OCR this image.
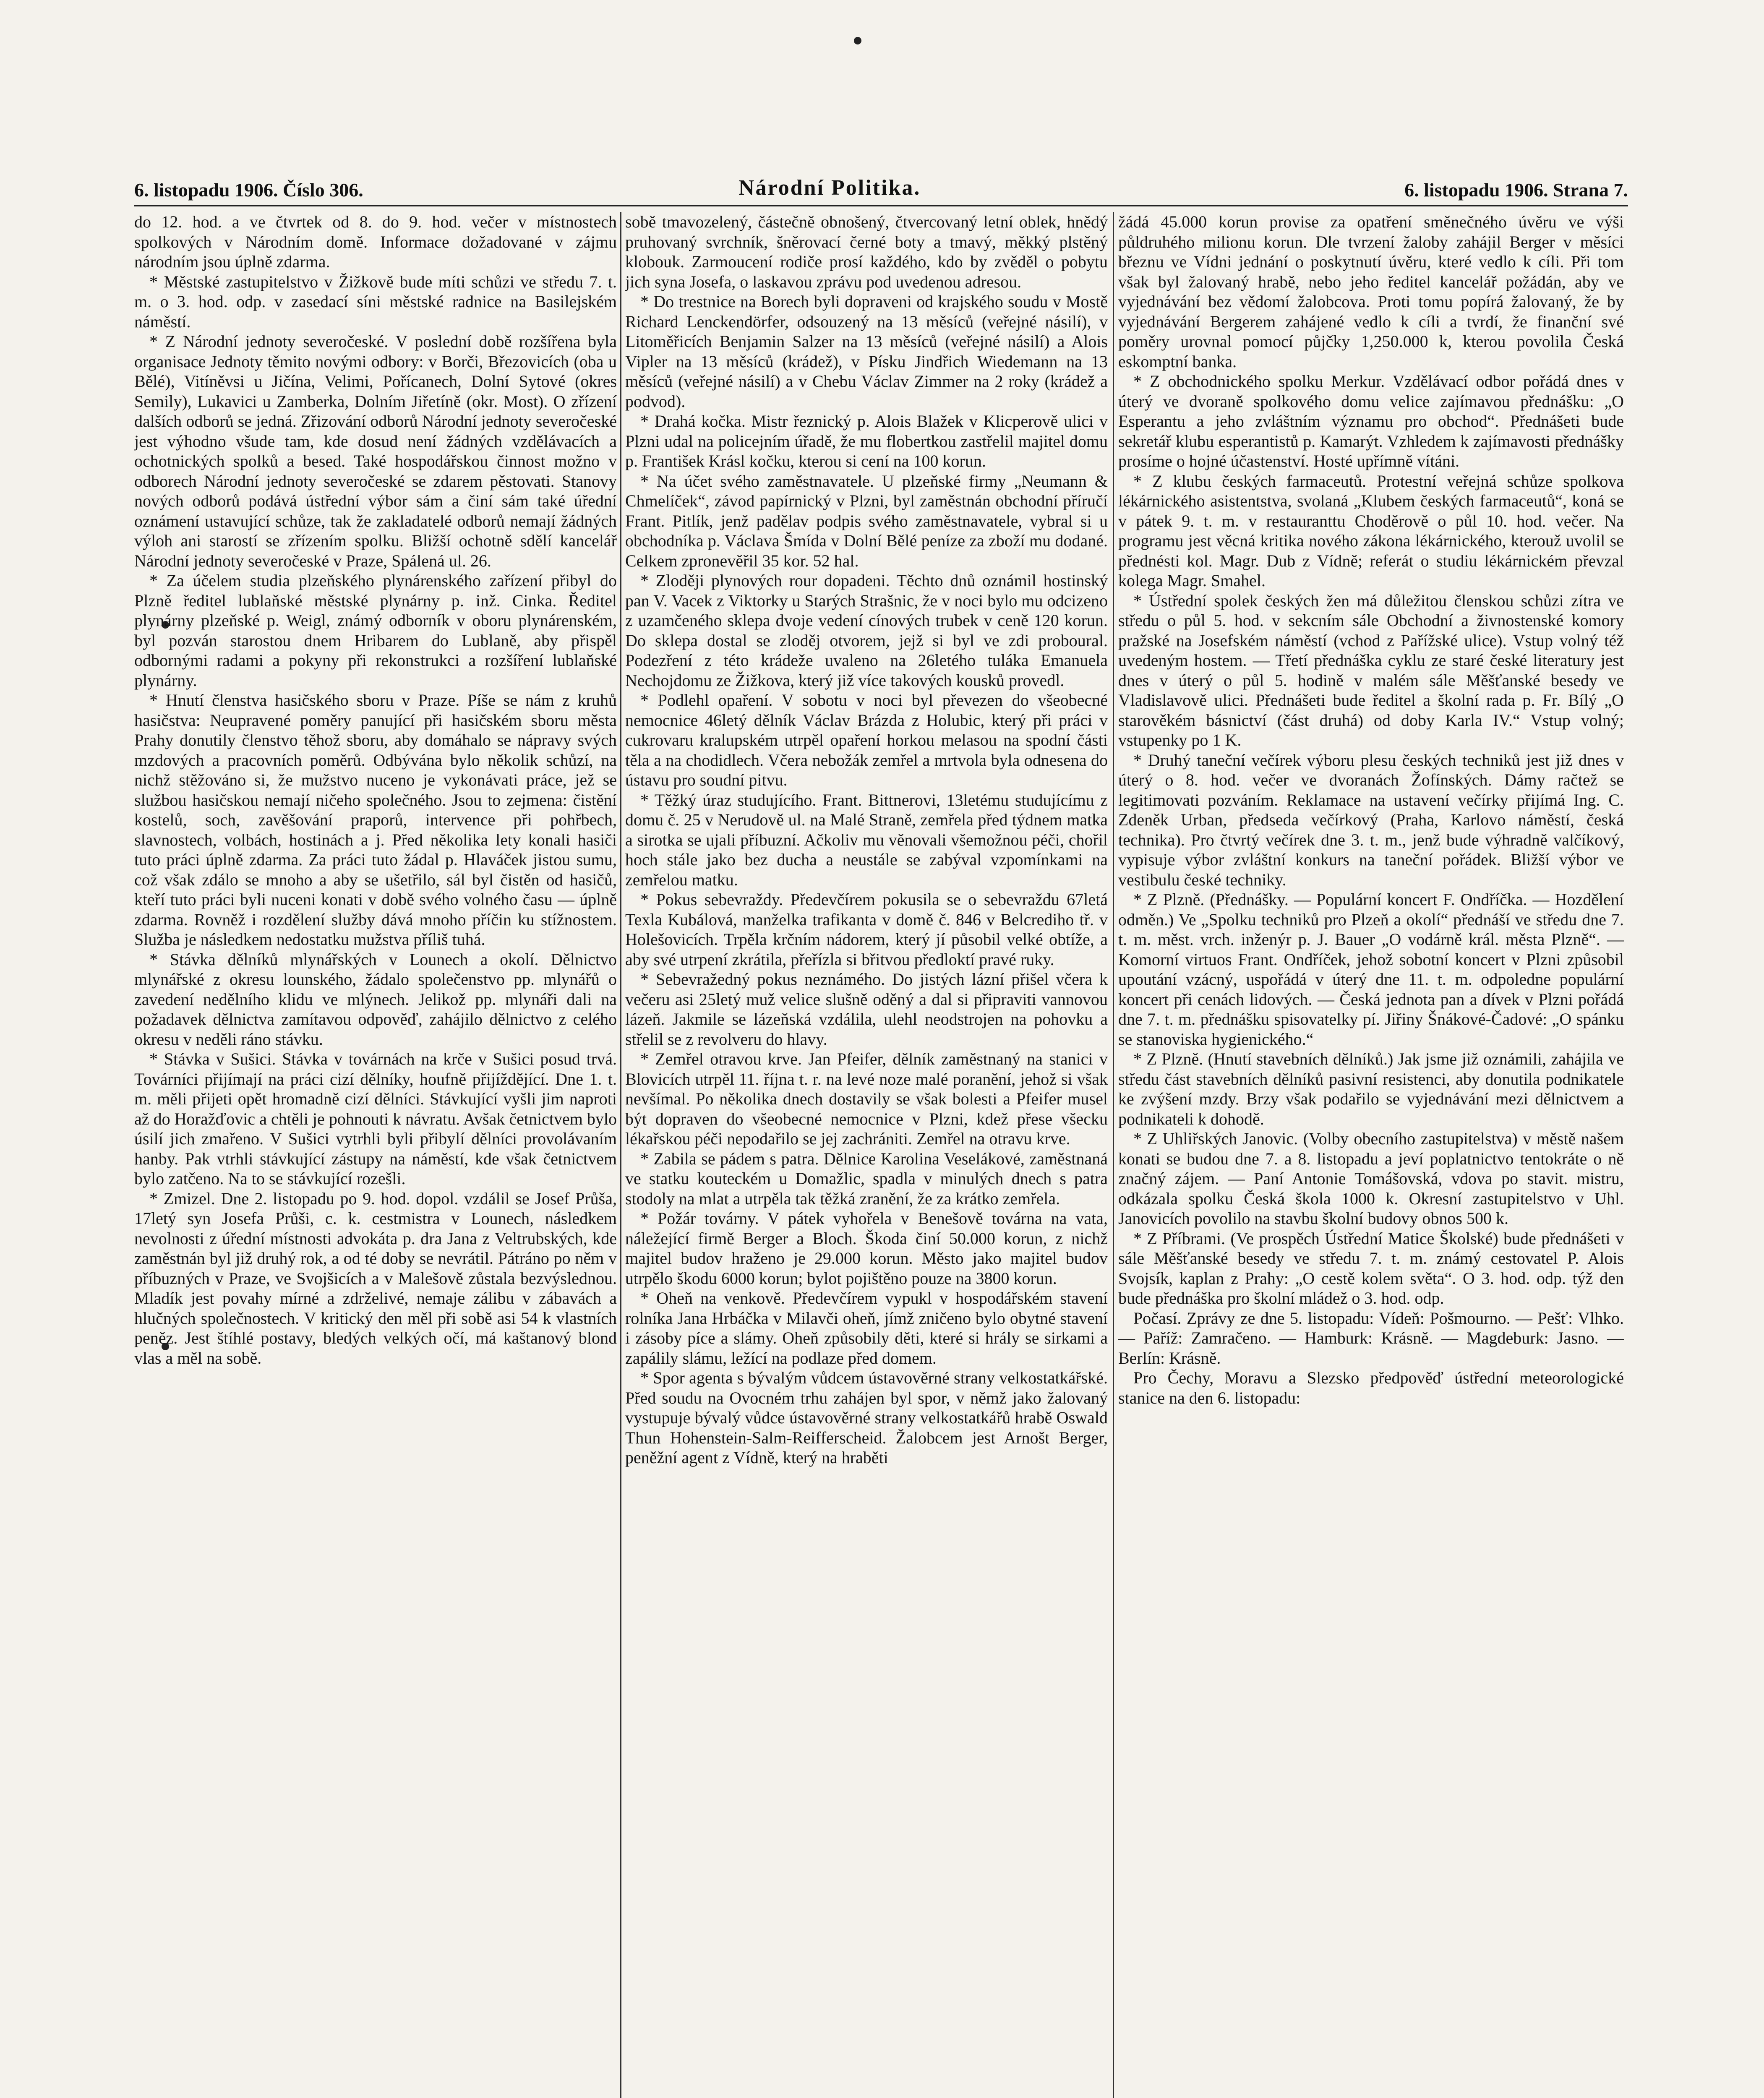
6. listopadu 1906. Číslo 306.	Národní Politika.	6. listopadu 1906. Strana 7.

do 12. hod. a ve čtvrtek od 8. do 9. hod. večer v místnostech spolkových v Národním domě. Informace dožadované v zájmu národním jsou úplně zdarma.

* Městské zastupitelstvo v Žižkově bude míti schůzi ve středu 7. t. m. o 3. hod. odp. v zasedací síni městské radnice na Basilejském náměstí.

* Z Národní jednoty severočeské. V poslední době rozšířena byla organisace Jednoty těmito novými odbory: v Borči, Březovicích (oba u Bělé), Vitíněvsi u Jičína, Velimi, Pořícanech, Dolní Sytové (okres Semily), Lukavici u Zamberka, Dolním Jiřetíně (okr. Most). O zřízení dalších odborů se jedná. Zřizování odborů Národní jednoty severočeské jest výhodno všude tam, kde dosud není žádných vzdělávacích a ochotnických spolků a besed. Také hospodářskou činnost možno v odborech Národní jednoty severočeské se zdarem pěstovati. Stanovy nových odborů podává ústřední výbor sám a činí sám také úřední oznámení ustavující schůze, tak že zakladatelé odborů nemají žádných výloh ani starostí se zřízením spolku. Bližší ochotně sdělí kancelář Národní jednoty severočeské v Praze, Spálená ul. 26.

* Za účelem studia plzeňského plynárenského zařízení přibyl do Plzně ředitel lublaňské městské plynárny p. inž. Cinka. Ředitel plynárny plzeňské p. Weigl, známý odborník v oboru plynárenském, byl pozván starostou dnem Hribarem do Lublaně, aby přispěl odbornými radami a pokyny při rekonstrukci a rozšíření lublaňské plynárny.

* Hnutí členstva hasičského sboru v Praze. Píše se nám z kruhů hasičstva: Neupravené poměry panující při hasičském sboru města Prahy donutily členstvo těhož sboru, aby domáhalo se nápravy svých mzdových a pracovních poměrů. Odbývána bylo několik schůzí, na nichž stěžováno si, že mužstvo nuceno je vykonávati práce, jež se službou hasičskou nemají ničeho společného. Jsou to zejmena: čistění kostelů, soch, zavěšování praporů, intervence při pohřbech, slavnostech, volbách, hostinách a j. Před několika lety konali hasiči tuto práci úplně zdarma. Za práci tuto žádal p. Hlaváček jistou sumu, což však zdálo se mnoho a aby se ušetřilo, sál byl čistěn od hasičů, kteří tuto práci byli nuceni konati v době svého volného času — úplně zdarma. Rovněž i rozdělení služby dává mnoho příčin ku stížnostem. Služba je následkem nedostatku mužstva příliš tuhá.

* Stávka dělníků mlynářských v Lounech a okolí. Dělnictvo mlynářské z okresu lounského, žádalo společenstvo pp. mlynářů o zavedení nedělního klidu ve mlýnech. Jelikož pp. mlynáři dali na požadavek dělnictva zamítavou odpověď, zahájilo dělnictvo z celého okresu v neděli ráno stávku.

* Stávka v Sušici. Stávka v továrnách na krče v Sušici posud trvá. Továrníci přijímají na práci cizí dělníky, houfně přijíždějící. Dne 1. t. m. měli přijeti opět hromadně cizí dělníci. Stávkující vyšli jim naproti až do Horažďovic a chtěli je pohnouti k návratu. Avšak četnictvem bylo úsilí jich zmařeno. V Sušici vytrhli byli přibylí dělníci provolávaním hanby. Pak vtrhli stávkující zástupy na náměstí, kde však četnictvem bylo zatčeno. Na to se stávkující rozešli.

* Zmizel. Dne 2. listopadu po 9. hod. dopol. vzdálil se Josef Průša, 17letý syn Josefa Průši, c. k. cestmistra v Lounech, následkem nevolnosti z úřední místnosti advokáta p. dra Jana z Veltrubských, kde zaměstnán byl již druhý rok, a od té doby se nevrátil. Pátráno po něm v příbuzných v Praze, ve Svojšicích a v Malešově zůstala bezvýslednou. Mladík jest povahy mírné a zdrželivé, nemaje zálibu v zábavách a hlučných společnostech. V kritický den měl při sobě asi 54 k vlastních peněz. Jest štíhlé postavy, bledých velkých očí, má kaštanový blond vlas a měl na sobě.

sobě tmavozelený, částečně obnošený, čtvercovaný letní oblek, hnědý pruhovaný svrchník, šněrovací černé boty a tmavý, měkký plstěný klobouk. Zarmoucení rodiče prosí každého, kdo by zvěděl o pobytu jich syna Josefa, o laskavou zprávu pod uvedenou adresou.

* Do trestnice na Borech byli dopraveni od krajského soudu v Mostě Richard Lenckendörfer, odsouzený na 13 měsíců (veřejné násilí), v Litoměřicích Benjamin Salzer na 13 měsíců (veřejné násilí) a Alois Vipler na 13 měsíců (krádež), v Písku Jindřich Wiedemann na 13 měsíců (veřejné násilí) a v Chebu Václav Zimmer na 2 roky (krádež a podvod).

* Drahá kočka. Mistr řeznický p. Alois Blažek v Klicperově ulici v Plzni udal na policejním úřadě, že mu flobertkou zastřelil majitel domu p. František Krásl kočku, kterou si cení na 100 korun.

* Na účet svého zaměstnavatele. U plzeňské firmy „Neumann & Chmelíček“, závod papírnický v Plzni, byl zaměstnán obchodní příručí Frant. Pitlík, jenž padělav podpis svého zaměstnavatele, vybral si u obchodníka p. Václava Šmída v Dolní Bělé peníze za zboží mu dodané. Celkem zpronevěřil 35 kor. 52 hal.

* Zloději plynových rour dopadeni. Těchto dnů oznámil hostinský pan V. Vacek z Viktorky u Starých Strašnic, že v noci bylo mu odcizeno z uzamčeného sklepa dvoje vedení cínových trubek v ceně 120 korun. Do sklepa dostal se zloděj otvorem, jejž si byl ve zdi proboural. Podezření z této krádeže uvaleno na 26letého tuláka Emanuela Nechojdomu ze Žižkova, který již více takových kousků provedl.

* Podlehl opaření. V sobotu v noci byl převezen do všeobecné nemocnice 46letý dělník Václav Brázda z Holubic, který při práci v cukrovaru kralupském utrpěl opaření horkou melasou na spodní části těla a na chodidlech. Včera nebožák zemřel a mrtvola byla odnesena do ústavu pro soudní pitvu.

* Těžký úraz studujícího. Frant. Bittnerovi, 13letému studujícímu z domu č. 25 v Nerudově ul. na Malé Straně, zemřela před týdnem matka a sirotka se ujali příbuzní. Ačkoliv mu věnovali všemožnou péči, chořil hoch stále jako bez ducha a neustále se zabýval vzpomínkami na zemřelou matku.

* Pokus sebevraždy. Předevčírem pokusila se o sebevraždu 67letá Texla Kubálová, manželka trafikanta v domě č. 846 v Belcrediho tř. v Holešovicích. Trpěla krčním nádorem, který jí působil velké obtíže, a aby své utrpení zkrátila, přeřízla si břitvou předloktí pravé ruky.

* Sebevražedný pokus neznámého. Do jistých lázní přišel včera k večeru asi 25letý muž velice slušně oděný a dal si připraviti vannovou lázeň. Jakmile se lázeňská vzdálila, ulehl neodstrojen na pohovku a střelil se z revolveru do hlavy.

* Zemřel otravou krve. Jan Pfeifer, dělník zaměstnaný na stanici v Blovicích utrpěl 11. října t. r. na levé noze malé poranění, jehož si však nevšímal. Po několika dnech dostavily se však bolesti a Pfeifer musel být dopraven do všeobecné nemocnice v Plzni, kdež přese všecku lékařskou péči nepodařilo se jej zachrániti. Zemřel na otravu krve.

* Zabila se pádem s patra. Dělnice Karolina Veselákové, zaměstnaná ve statku kouteckém u Domažlic, spadla v minulých dnech s patra stodoly na mlat a utrpěla tak těžká zranění, že za krátko zemřela.

* Požár továrny. V pátek vyhořela v Benešově továrna na vata, náležející firmě Berger a Bloch. Škoda činí 50.000 korun, z nichž majitel budov hraženo je 29.000 korun. Město jako majitel budov utrpělo škodu 6000 korun; bylot pojištěno pouze na 3800 korun.

* Oheň na venkově. Předevčírem vypukl v hospodářském stavení rolníka Jana Hrbáčka v Milavči oheň, jímž zničeno bylo obytné stavení i zásoby píce a slámy. Oheň způsobily děti, které si hrály se sirkami a zapálily slámu, ležící na podlaze před domem.

* Spor agenta s bývalým vůdcem ústavověrné strany velkostatkářské. Před soudu na Ovocném trhu zahájen byl spor, v němž jako žalovaný vystupuje bývalý vůdce ústavověrné strany velkostatkářů hrabě Oswald Thun Hohenstein-Salm-Reifferscheid. Žalobcem jest Arnošt Berger, peněžní agent z Vídně, který na hraběti

žádá 45.000 korun provise za opatření směnečného úvěru ve výši půldruhého milionu korun. Dle tvrzení žaloby zahájil Berger v měsíci březnu ve Vídni jednání o poskytnutí úvěru, které vedlo k cíli. Při tom však byl žalovaný hrabě, nebo jeho ředitel kancelář požádán, aby ve vyjednávání bez vědomí žalobcova. Proti tomu popírá žalovaný, že by vyjednávání Bergerem zahájené vedlo k cíli a tvrdí, že finanční své poměry urovnal pomocí půjčky 1,250.000 k, kterou povolila Česká eskomptní banka.

* Z obchodnického spolku Merkur. Vzdělávací odbor pořádá dnes v úterý ve dvoraně spolkového domu velice zajímavou přednášku: „O Esperantu a jeho zvláštním významu pro obchod“. Přednášeti bude sekretář klubu esperantistů p. Kamarýt. Vzhledem k zajímavosti přednášky prosíme o hojné účastenství. Hosté upřímně vítáni.

* Z klubu českých farmaceutů. Protestní veřejná schůze spolkova lékárnického asistentstva, svolaná „Klubem českých farmaceutů“, koná se v pátek 9. t. m. v restauranttu Choděrově o půl 10. hod. večer. Na programu jest věcná kritika nového zákona lékárnického, kterouž uvolil se přednésti kol. Magr. Dub z Vídně; referát o studiu lékárnickém převzal kolega Magr. Smahel.

* Ústřední spolek českých žen má důležitou členskou schůzi zítra ve středu o půl 5. hod. v sekcním sále Obchodní a živnostenské komory pražské na Josefském náměstí (vchod z Pařížské ulice). Vstup volný též uvedeným hostem. — Třetí přednáška cyklu ze staré české literatury jest dnes v úterý o půl 5. hodině v malém sále Měšťanské besedy ve Vladislavově ulici. Přednášeti bude ředitel a školní rada p. Fr. Bílý „O starověkém básnictví (část druhá) od doby Karla IV.“ Vstup volný; vstupenky po 1 K.

* Druhý taneční večírek výboru plesu českých techniků jest již dnes v úterý o 8. hod. večer ve dvoranách Žofínských. Dámy račtež se legitimovati pozváním. Reklamace na ustavení večírky přijímá Ing. C. Zdeněk Urban, předseda večírkový (Praha, Karlovo náměstí, česká technika). Pro čtvrtý večírek dne 3. t. m., jenž bude výhradně valčíkový, vypisuje výbor zvláštní konkurs na taneční pořádek. Bližší výbor ve vestibulu české techniky.

* Z Plzně. (Přednášky. — Populární koncert F. Ondříčka. — Hozdělení odměn.) Ve „Spolku techniků pro Plzeň a okolí“ přednáší ve středu dne 7. t. m. měst. vrch. inženýr p. J. Bauer „O vodárně král. města Plzně“. — Komorní virtuos Frant. Ondříček, jehož sobotní koncert v Plzni způsobil upoutání vzácný, uspořádá v úterý dne 11. t. m. odpoledne populární koncert při cenách lidových. — Česká jednota pan a dívek v Plzni pořádá dne 7. t. m. přednášku spisovatelky pí. Jiřiny Šnákové-Čadové: „O spánku se stanoviska hygienického.“

* Z Plzně. (Hnutí stavebních dělníků.) Jak jsme již oznámili, zahájila ve středu část stavebních dělníků pasivní resistenci, aby donutila podnikatele ke zvýšení mzdy. Brzy však podařilo se vyjednávání mezi dělnictvem a podnikateli k dohodě.

* Z Uhliřských Janovic. (Volby obecního zastupitelstva) v městě našem konati se budou dne 7. a 8. listopadu a jeví poplatnictvo tentokráte o ně značný zájem. — Paní Antonie Tomášovská, vdova po stavit. mistru, odkázala spolku Česká škola 1000 k. Okresní zastupitelstvo v Uhl. Janovicích povolilo na stavbu školní budovy obnos 500 k.

* Z Příbrami. (Ve prospěch Ústřední Matice Školské) bude přednášeti v sále Měšťanské besedy ve středu 7. t. m. známý cestovatel P. Alois Svojsík, kaplan z Prahy: „O cestě kolem světa“. O 3. hod. odp. týž den bude přednáška pro školní mládež o 3. hod. odp.

Počasí. Zprávy ze dne 5. listopadu: Vídeň: Pošmourno. — Pešť: Vlhko. — Paříž: Zamračeno. — Hamburk: Krásně. — Magdeburk: Jasno. — Berlín: Krásně.

Pro Čechy, Moravu a Slezsko předpověď ústřední meteorologické stanice na den 6. listopadu:
